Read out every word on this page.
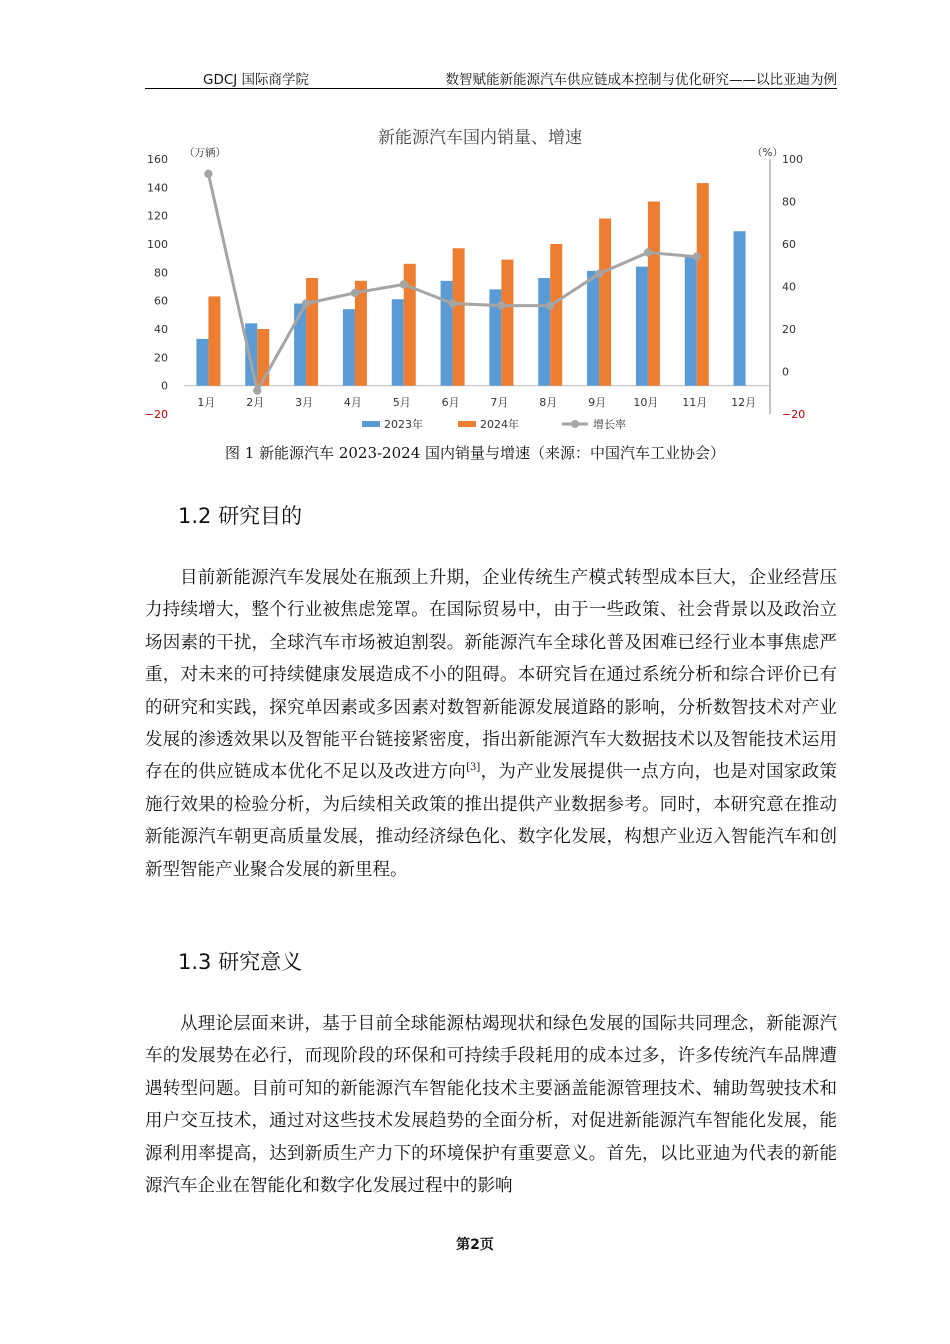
GDCJ 国际商学院	数智赋能新能源汽车供应链成本控制与优化研究——以比亚迪为例
新能源汽车国内销量、增速
（万辆）	（%）
−20
0
20
40
60
80
100
120
140
160
−20
0
20
40
60
80
100
1月	2月	3月	4月	5月	6月	7月	8月	9月 10月 11月 12月
2023年	2024年	增长率
图 1 新能源汽车 2023-2024 国内销量与增速（来源：中国汽车工业协会）
1.2 研究目的

目前新能源汽车发展处在瓶颈上升期，企业传统生产模式转型成本巨大，企业经营压力持续增大，整个行业被焦虑笼罩。在国际贸易中，由于一些政策、社会背景以及政治立场因素的干扰，全球汽车市场被迫割裂。新能源汽车全球化普及困难已经行业本事焦虑严重，对未来的可持续健康发展造成不小的阻碍。本研究旨在通过系统分析和综合评价已有的研究和实践，探究单因素或多因素对数智新能源发展道路的影响，分析数智技术对产业发展的渗透效果以及智能平台链接紧密度，指出新能源汽车大数据技术以及智能技术运用存在的供应链成本优化不足以及改进方向[3]，为产业发展提供一点方向，也是对国家政策施行效果的检验分析，为后续相关政策的推出提供产业数据参考。同时，本研究意在推动新能源汽车朝更高质量发展，推动经济绿色化、数字化发展，构想产业迈入智能汽车和创新型智能产业聚合发展的新里程。

1.3 研究意义

从理论层面来讲，基于目前全球能源枯竭现状和绿色发展的国际共同理念，新能源汽车的发展势在必行，而现阶段的环保和可持续手段耗用的成本过多，许多传统汽车品牌遭遇转型问题。目前可知的新能源汽车智能化技术主要涵盖能源管理技术、辅助驾驶技术和用户交互技术，通过对这些技术发展趋势的全面分析，对促进新能源汽车智能化发展，能源利用率提高，达到新质生产力下的环境保护有重要意义。首先，以比亚迪为代表的新能源汽车企业在智能化和数字化发展过程中的影响

第2页
